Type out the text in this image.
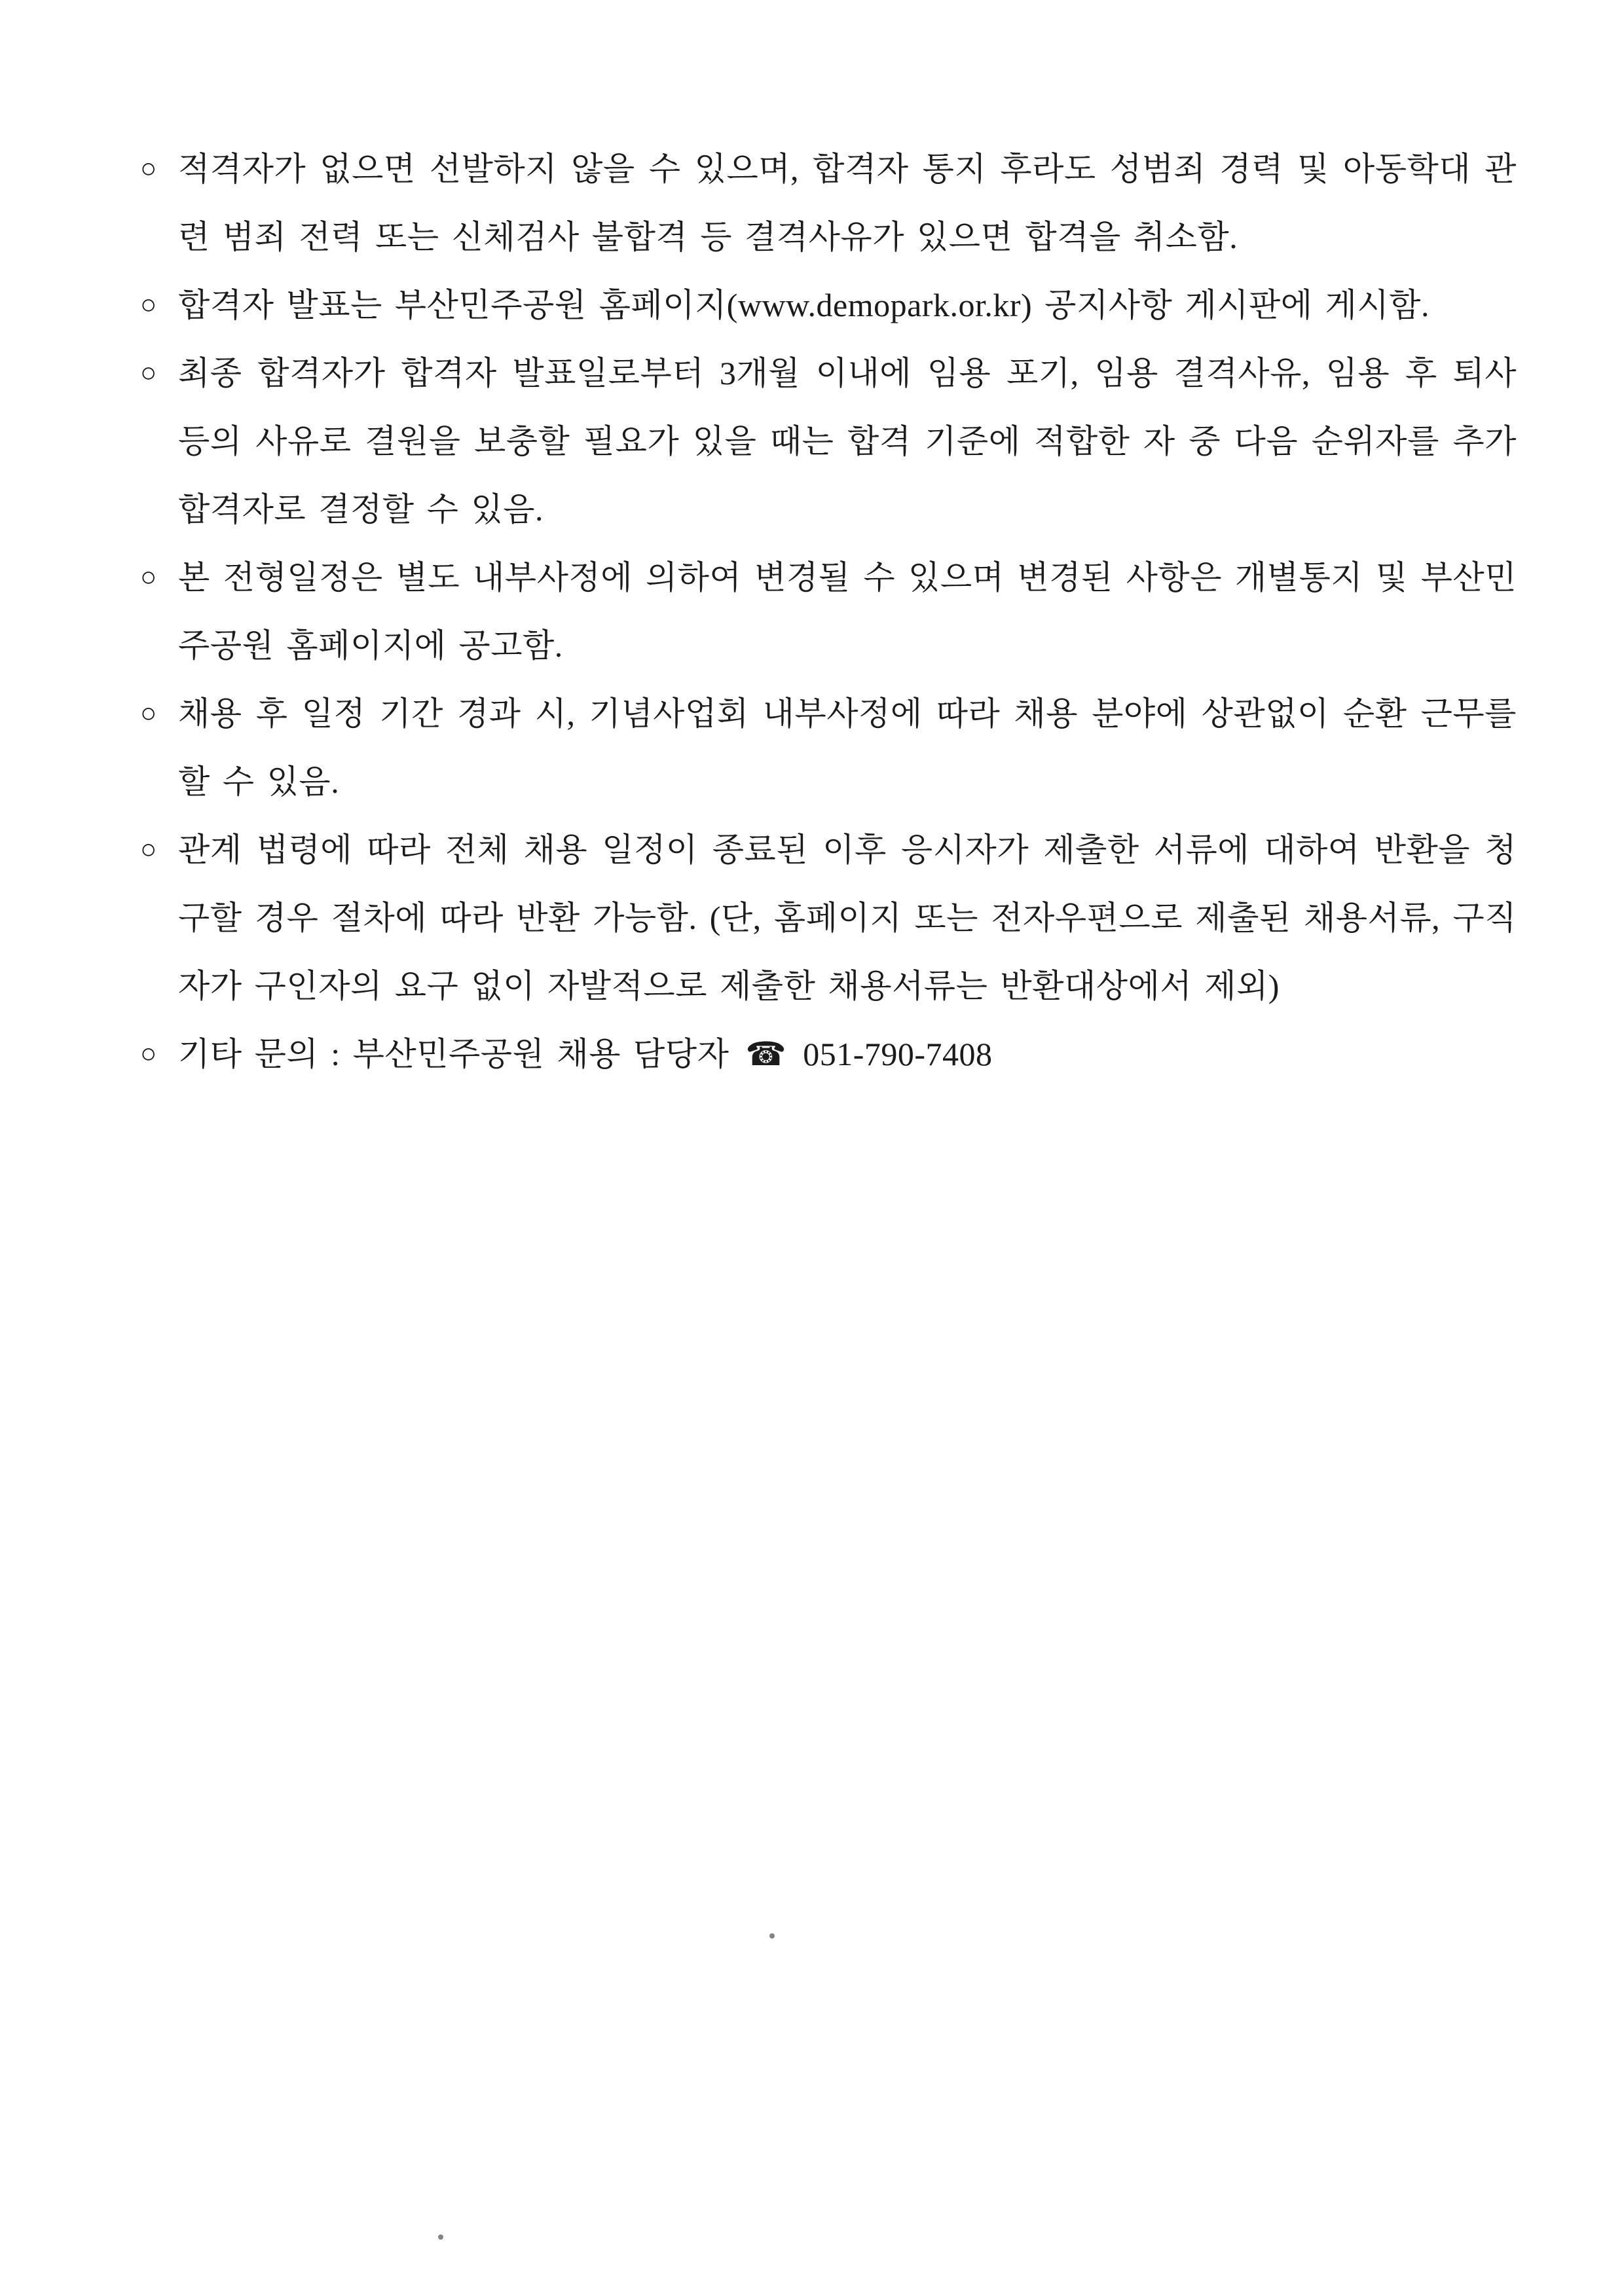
○ 적격자가 없으면 선발하지 않을 수 있으며, 합격자 통지 후라도 성범죄 경력 및 아동학대 관련 범죄 전력 또는 신체검사 불합격 등 결격사유가 있으면 합격을 취소함.
○ 합격자 발표는 부산민주공원 홈페이지(www.demopark.or.kr) 공지사항 게시판에 게시함.
○ 최종 합격자가 합격자 발표일로부터 3개월 이내에 임용 포기, 임용 결격사유, 임용 후 퇴사 등의 사유로 결원을 보충할 필요가 있을 때는 합격 기준에 적합한 자 중 다음 순위자를 추가 합격자로 결정할 수 있음.
○ 본 전형일정은 별도 내부사정에 의하여 변경될 수 있으며 변경된 사항은 개별통지 및 부산민주공원 홈페이지에 공고함.
○ 채용 후 일정 기간 경과 시, 기념사업회 내부사정에 따라 채용 분야에 상관없이 순환 근무를 할 수 있음.
○ 관계 법령에 따라 전체 채용 일정이 종료된 이후 응시자가 제출한 서류에 대하여 반환을 청구할 경우 절차에 따라 반환 가능함. (단, 홈페이지 또는 전자우편으로 제출된 채용서류, 구직자가 구인자의 요구 없이 자발적으로 제출한 채용서류는 반환대상에서 제외)
○ 기타 문의 : 부산민주공원 채용 담당자 ☎ 051-790-7408
